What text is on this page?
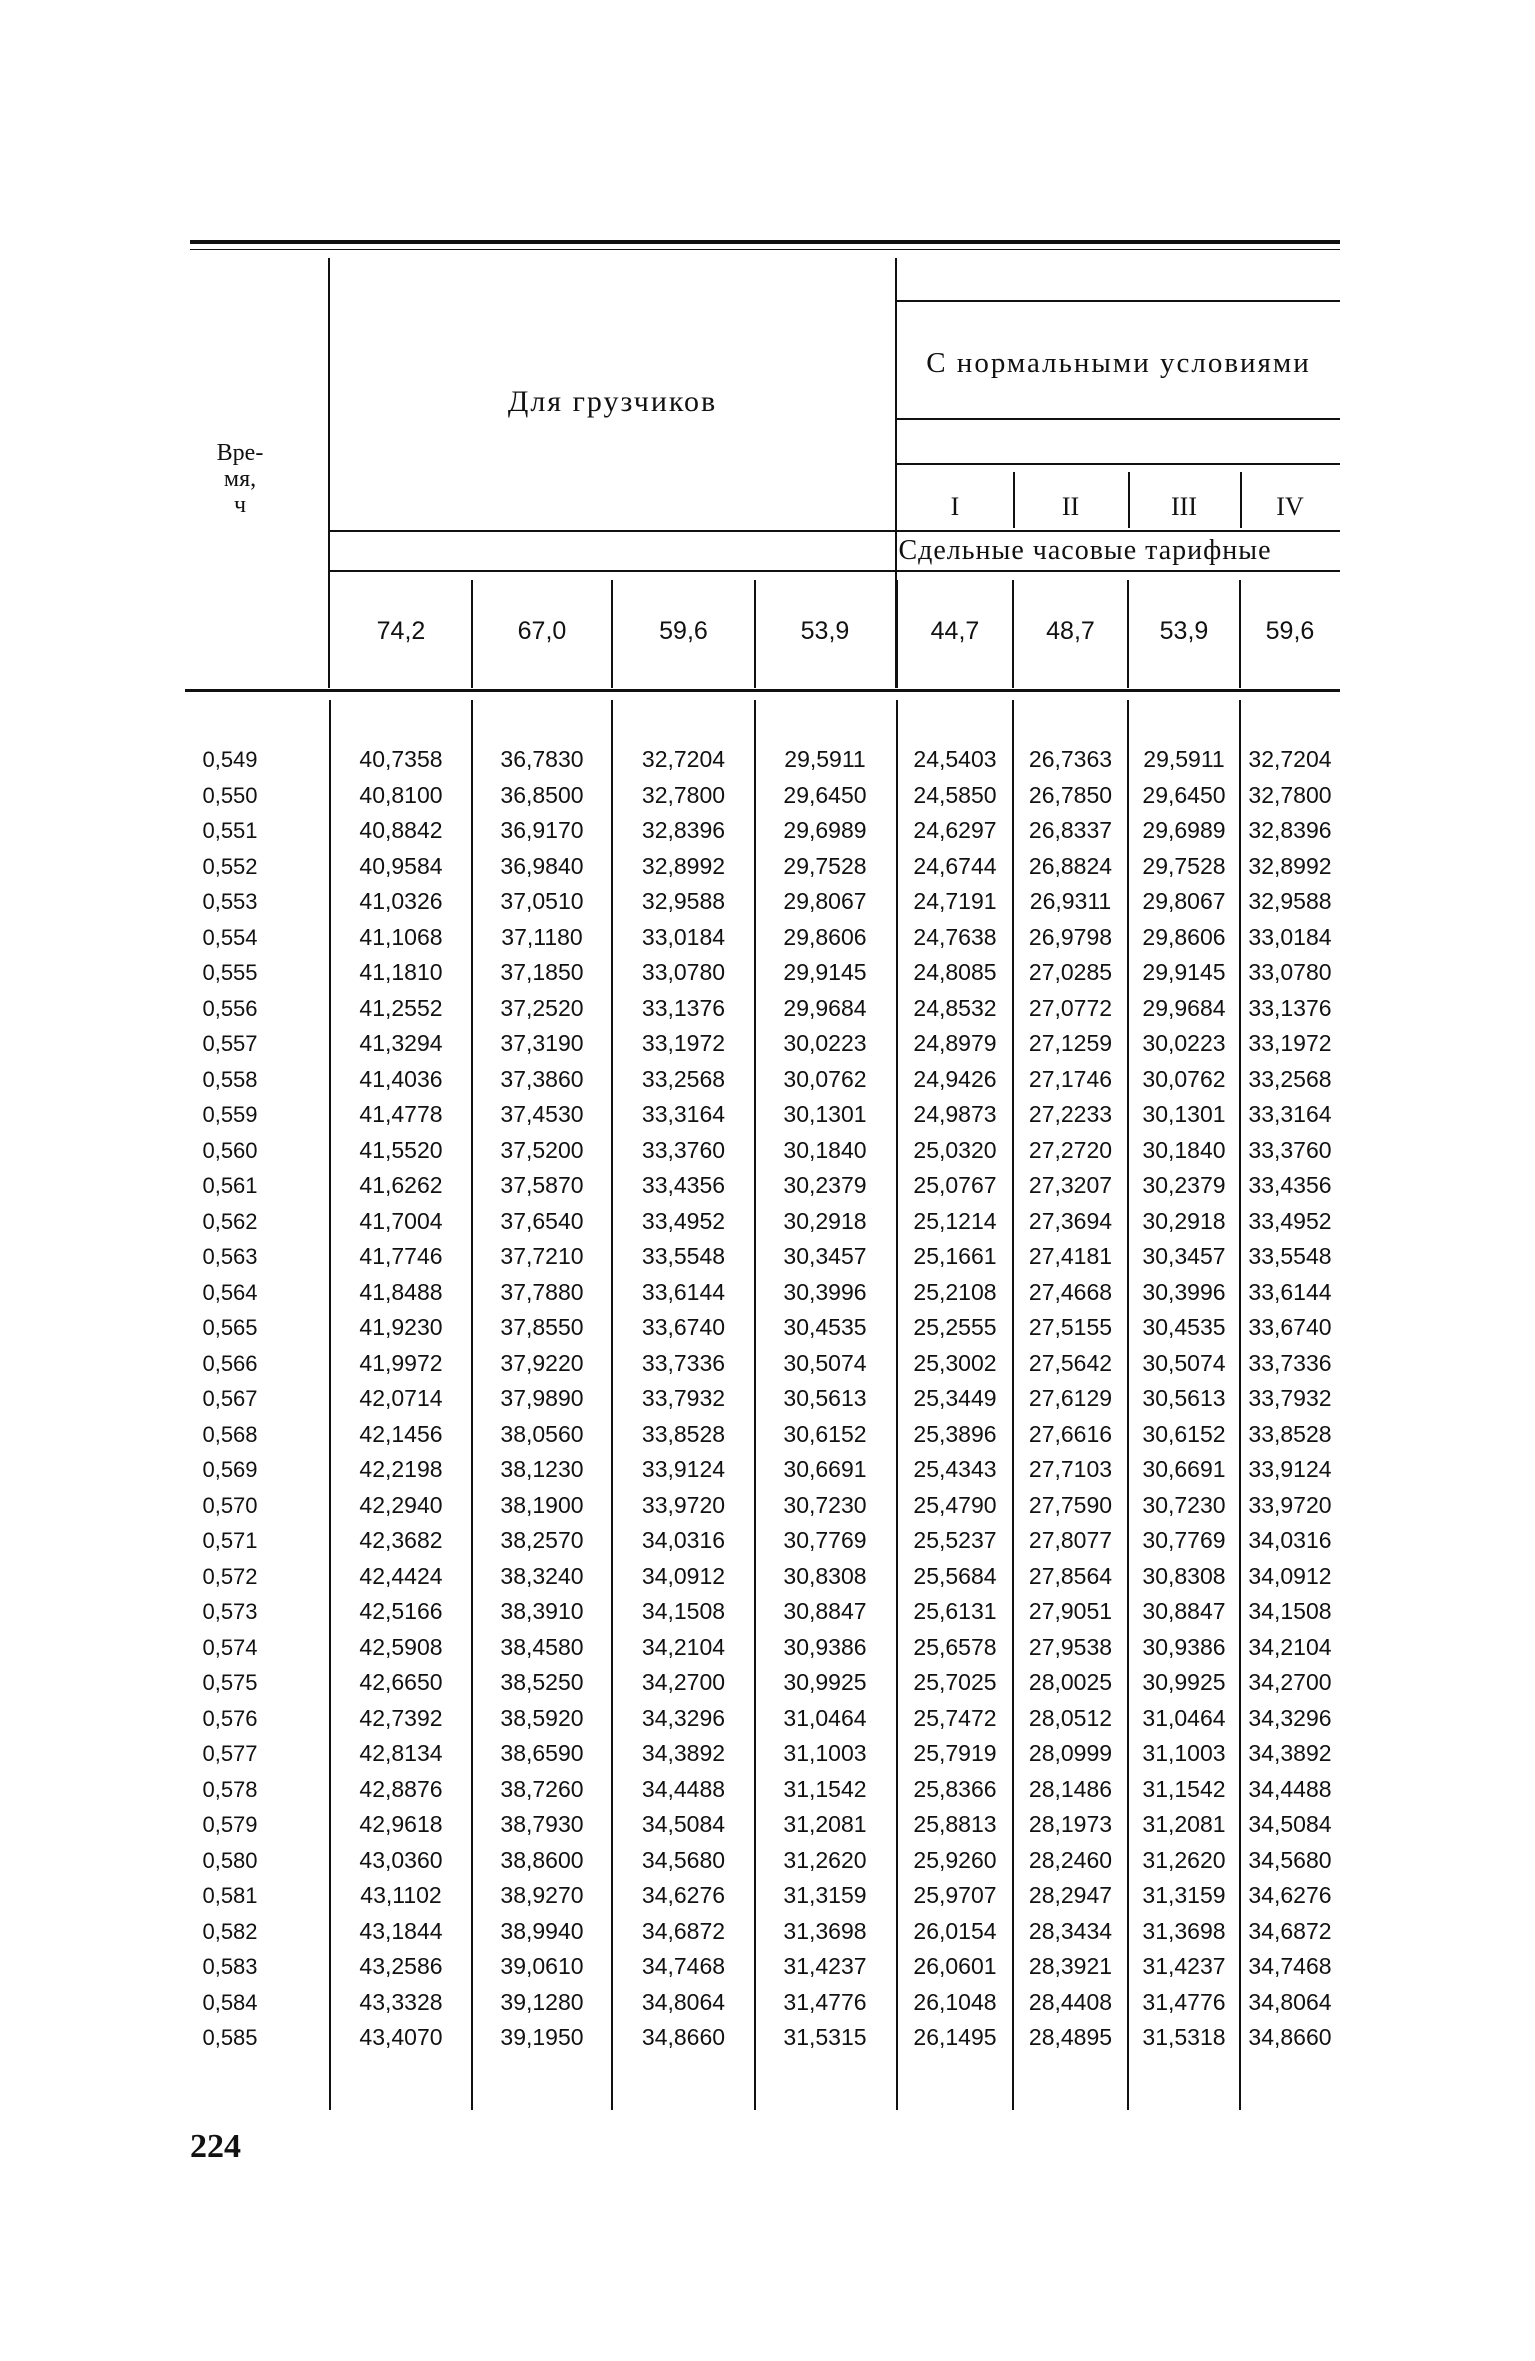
Вре-
мя,
ч
Для грузчиков
С нормальными условиями
I	II	III	IV
Сдельные часовые тарифные
74,2	67,0	59,6	53,9	44,7	48,7	53,9	59,6
0,549	40,7358	36,7830	32,7204	29,5911	24,5403	26,7363	29,5911	32,7204
0,550	40,8100	36,8500	32,7800	29,6450	24,5850	26,7850	29,6450 32,7800
0,551	40,8842	36,9170	32,8396	29,6989	24,6297	26,8337	29,6989 32,8396
0,552	40,9584	36,9840	32,8992	29,7528	24,6744	26,8824	29,7528 32,8992
0,553	41,0326	37,0510	32,9588	29,8067	24,7191	26,9311	29,8067 32,9588
0,554	41,1068	37,1180	33,0184	29,8606	24,7638	26,9798	29,8606 33,0184
0,555	41,1810	37,1850	33,0780	29,9145	24,8085	27,0285	29,9145 33,0780
0,556	41,2552	37,2520	33,1376	29,9684	24,8532	27,0772	29,9684 33,1376
0,557	41,3294	37,3190	33,1972	30,0223	24,8979	27,1259	30,0223 33,1972
0,558	41,4036	37,3860	33,2568	30,0762	24,9426	27,1746	30,0762 33,2568
0,559	41,4778	37,4530	33,3164	30,1301	24,9873	27,2233	30,1301 33,3164
0,560	41,5520	37,5200	33,3760	30,1840	25,0320	27,2720	30,1840 33,3760
0,561	41,6262	37,5870	33,4356	30,2379	25,0767	27,3207	30,2379 33,4356
0,562	41,7004	37,6540	33,4952	30,2918	25,1214	27,3694	30,2918 33,4952
0,563	41,7746	37,7210	33,5548	30,3457	25,1661	27,4181	30,3457 33,5548
0,564	41,8488	37,7880	33,6144	30,3996	25,2108	27,4668	30,3996 33,6144
0,565	41,9230	37,8550	33,6740	30,4535	25,2555	27,5155	30,4535 33,6740
0,566	41,9972	37,9220	33,7336	30,5074	25,3002	27,5642	30,5074 33,7336
0,567	42,0714	37,9890	33,7932	30,5613	25,3449	27,6129	30,5613 33,7932
0,568	42,1456	38,0560	33,8528	30,6152	25,3896	27,6616	30,6152 33,8528
0,569	42,2198	38,1230	33,9124	30,6691	25,4343	27,7103	30,6691 33,9124
0,570	42,2940	38,1900	33,9720	30,7230	25,4790	27,7590	30,7230 33,9720
0,571	42,3682	38,2570	34,0316	30,7769	25,5237	27,8077	30,7769 34,0316
0,572	42,4424	38,3240	34,0912	30,8308	25,5684	27,8564	30,8308 34,0912
0,573	42,5166	38,3910	34,1508	30,8847	25,6131	27,9051	30,8847 34,1508
0,574	42,5908	38,4580	34,2104	30,9386	25,6578	27,9538	30,9386 34,2104
0,575	42,6650	38,5250	34,2700	30,9925	25,7025	28,0025	30,9925 34,2700
0,576	42,7392	38,5920	34,3296	31,0464	25,7472	28,0512	31,0464 34,3296
0,577	42,8134	38,6590	34,3892	31,1003	25,7919	28,0999	31,1003 34,3892
0,578	42,8876	38,7260	34,4488	31,1542	25,8366	28,1486	31,1542 34,4488
0,579	42,9618	38,7930	34,5084	31,2081	25,8813	28,1973	31,2081 34,5084
0,580	43,0360	38,8600	34,5680	31,2620	25,9260	28,2460	31,2620 34,5680
0,581	43,1102	38,9270	34,6276	31,3159	25,9707	28,2947	31,3159 34,6276
0,582	43,1844	38,9940	34,6872	31,3698	26,0154	28,3434	31,3698 34,6872
0,583	43,2586	39,0610	34,7468	31,4237	26,0601	28,3921	31,4237 34,7468
0,584	43,3328	39,1280	34,8064	31,4776	26,1048	28,4408	31,4776 34,8064
0,585	43,4070	39,1950	34,8660	31,5315	26,1495	28,4895	31,5318 34,8660
224
